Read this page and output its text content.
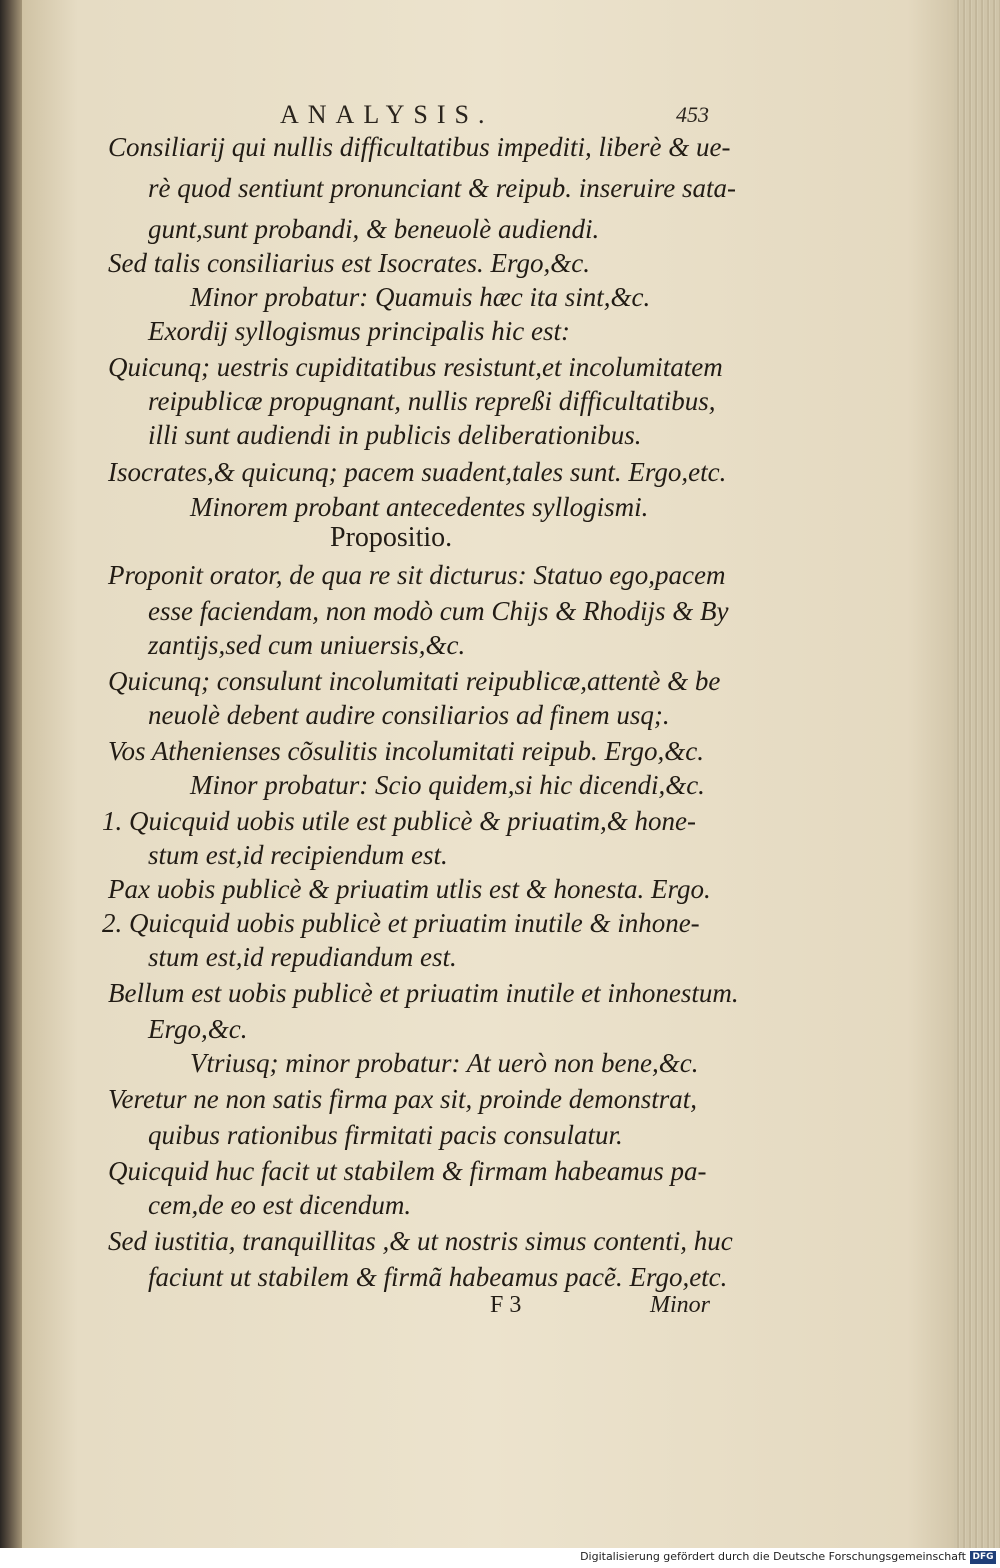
ANALYSIS.	453
Consiliarij qui nullis difficultatibus impediti, liberè & ue-
rè quod sentiunt pronunciant & reipub. inseruire sata-
gunt,sunt probandi, & beneuolè audiendi.
Sed talis consiliarius est Isocrates. Ergo,&c.
Minor probatur: Quamuis hæc ita sint,&c.
Exordij syllogismus principalis hic est:
Quicunq; uestris cupiditatibus resistunt,et incolumitatem
reipublicæ propugnant, nullis repreßi difficultatibus,
illi sunt audiendi in publicis deliberationibus.
Isocrates,& quicunq; pacem suadent,tales sunt. Ergo,etc.
Minorem probant antecedentes syllogismi.
Propositio.
Proponit orator, de qua re sit dicturus: Statuo ego,pacem
esse faciendam, non modò cum Chijs & Rhodijs & By
zantijs,sed cum uniuersis,&c.
Quicunq; consulunt incolumitati reipublicæ,attentè & be
neuolè debent audire consiliarios ad finem usq;.
Vos Athenienses cõsulitis incolumitati reipub. Ergo,&c.
Minor probatur: Scio quidem,si hic dicendi,&c.
1. Quicquid uobis utile est publicè & priuatim,& hone-
stum est,id recipiendum est.
Pax uobis publicè & priuatim utlis est & honesta. Ergo.
2. Quicquid uobis publicè et priuatim inutile & inhone-
stum est,id repudiandum est.
Bellum est uobis publicè et priuatim inutile et inhonestum.
Ergo,&c.
Vtriusq; minor probatur: At uerò non bene,&c.
Veretur ne non satis firma pax sit, proinde demonstrat,
quibus rationibus firmitati pacis consulatur.
Quicquid huc facit ut stabilem & firmam habeamus pa-
cem,de eo est dicendum.
Sed iustitia, tranquillitas ,& ut nostris simus contenti, huc
faciunt ut stabilem & firmã habeamus pacẽ. Ergo,etc.
F 3	Minor
Digitalisierung gefördert durch die Deutsche Forschungsgemeinschaft DFG
